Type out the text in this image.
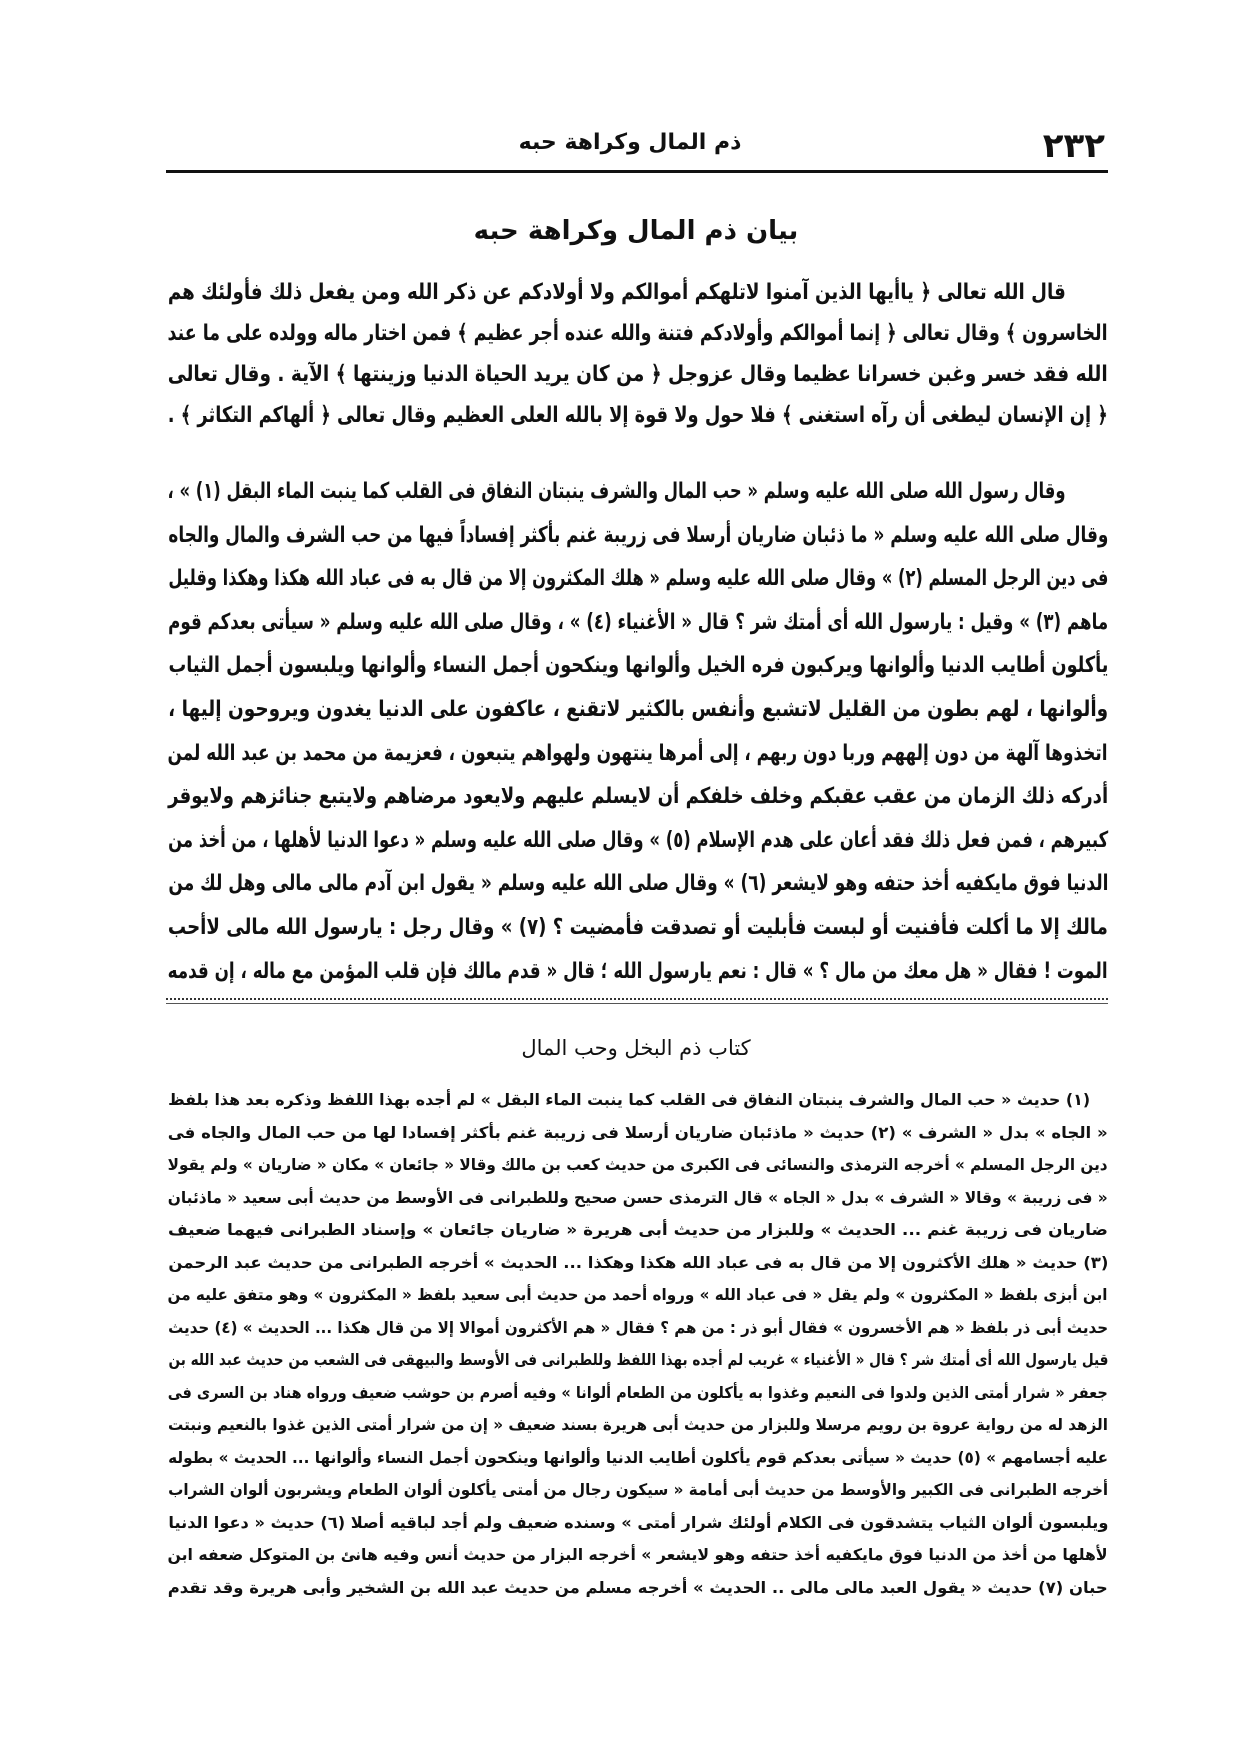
٢٣٢
ذم المال وكراهة حبه
بيان ذم المال وكراهة حبه
قال الله تعالى ﴿ ياأيها الذين آمنوا لاتلهكم أموالكم ولا أولادكم عن ذكر الله ومن يفعل ذلك فأولئك هم
الخاسرون ﴾ وقال تعالى ﴿ إنما أموالكم وأولادكم فتنة والله عنده أجر عظيم ﴾ فمن اختار ماله وولده على ما عند
الله فقد خسر وغبن خسرانا عظيما وقال عزوجل ﴿ من كان يريد الحياة الدنيا وزينتها ﴾ الآية . وقال تعالى
﴿ إن الإنسان ليطغى أن رآه استغنى ﴾ فلا حول ولا قوة إلا بالله العلى العظيم وقال تعالى ﴿ ألهاكم التكاثر ﴾ .
وقال رسول الله صلى الله عليه وسلم « حب المال والشرف ينبتان النفاق فى القلب كما ينبت الماء البقل (١) » ،
وقال صلى الله عليه وسلم « ما ذئبان ضاريان أرسلا فى زريبة غنم بأكثر إفساداً فيها من حب الشرف والمال والجاه
فى دين الرجل المسلم (٢) » وقال صلى الله عليه وسلم « هلك المكثرون إلا من قال به فى عباد الله هكذا وهكذا وقليل
ماهم (٣) » وقيل : يارسول الله أى أمتك شر ؟ قال « الأغنياء (٤) » ، وقال صلى الله عليه وسلم « سيأتى بعدكم قوم
يأكلون أطايب الدنيا وألوانها ويركبون فره الخيل وألوانها وينكحون أجمل النساء وألوانها ويلبسون أجمل الثياب
وألوانها ، لهم بطون من القليل لاتشبع وأنفس بالكثير لاتقنع ، عاكفون على الدنيا يغدون ويروحون إليها ،
اتخذوها آلهة من دون إلههم وربا دون ربهم ، إلى أمرها ينتهون ولهواهم يتبعون ، فعزيمة من محمد بن عبد الله لمن
أدركه ذلك الزمان من عقب عقبكم وخلف خلفكم أن لايسلم عليهم ولايعود مرضاهم ولايتبع جنائزهم ولايوقر
كبيرهم ، فمن فعل ذلك فقد أعان على هدم الإسلام (٥) » وقال صلى الله عليه وسلم « دعوا الدنيا لأهلها ، من أخذ من
الدنيا فوق مايكفيه أخذ حتفه وهو لايشعر (٦) » وقال صلى الله عليه وسلم « يقول ابن آدم مالى مالى وهل لك من
مالك إلا ما أكلت فأفنيت أو لبست فأبليت أو تصدقت فأمضيت ؟ (٧) » وقال رجل : يارسول الله مالى لاأحب
الموت ! فقال « هل معك من مال ؟ » قال : نعم يارسول الله ؛ قال « قدم مالك فإن قلب المؤمن مع ماله ، إن قدمه
كتاب ذم البخل وحب المال
(١) حديث « حب المال والشرف ينبتان النفاق فى القلب كما ينبت الماء البقل » لم أجده بهذا اللفظ وذكره بعد هذا بلفظ
« الجاه » بدل « الشرف » (٢) حديث « ماذئبان ضاريان أرسلا فى زريبة غنم بأكثر إفسادا لها من حب المال والجاه فى
دين الرجل المسلم » أخرجه الترمذى والنسائى فى الكبرى من حديث كعب بن مالك وقالا « جائعان » مكان « ضاريان » ولم يقولا
« فى زريبة » وقالا « الشرف » بدل « الجاه » قال الترمذى حسن صحيح وللطبرانى فى الأوسط من حديث أبى سعيد « ماذئبان
ضاريان فى زريبة غنم ... الحديث » وللبزار من حديث أبى هريرة « ضاريان جائعان » وإسناد الطبرانى فيهما ضعيف
(٣) حديث « هلك الأكثرون إلا من قال به فى عباد الله هكذا وهكذا ... الحديث » أخرجه الطبرانى من حديث عبد الرحمن
ابن أبزى بلفظ « المكثرون » ولم يقل « فى عباد الله » ورواه أحمد من حديث أبى سعيد بلفظ « المكثرون » وهو متفق عليه من
حديث أبى ذر بلفظ « هم الأخسرون » فقال أبو ذر : من هم ؟ فقال « هم الأكثرون أموالا إلا من قال هكذا ... الحديث » (٤) حديث
قيل يارسول الله أى أمتك شر ؟ قال « الأغنياء » غريب لم أجده بهذا اللفظ وللطبرانى فى الأوسط والبيهقى فى الشعب من حديث عبد الله بن
جعفر « شرار أمتى الذين ولدوا فى النعيم وغذوا به يأكلون من الطعام ألوانا » وفيه أصرم بن حوشب ضعيف ورواه هناد بن السرى فى
الزهد له من رواية عروة بن رويم مرسلا وللبزار من حديث أبى هريرة بسند ضعيف « إن من شرار أمتى الذين غذوا بالنعيم ونبتت
عليه أجسامهم » (٥) حديث « سيأتى بعدكم قوم يأكلون أطايب الدنيا وألوانها وينكحون أجمل النساء وألوانها ... الحديث » بطوله
أخرجه الطبرانى فى الكبير والأوسط من حديث أبى أمامة « سيكون رجال من أمتى يأكلون ألوان الطعام ويشربون ألوان الشراب
ويلبسون ألوان الثياب يتشدقون فى الكلام أولئك شرار أمتى » وسنده ضعيف ولم أجد لباقيه أصلا (٦) حديث « دعوا الدنيا
لأهلها من أخذ من الدنيا فوق مايكفيه أخذ حتفه وهو لايشعر » أخرجه البزار من حديث أنس وفيه هانئ بن المتوكل ضعفه ابن
حبان (٧) حديث « يقول العبد مالى مالى .. الحديث » أخرجه مسلم من حديث عبد الله بن الشخير وأبى هريرة وقد تقدم
